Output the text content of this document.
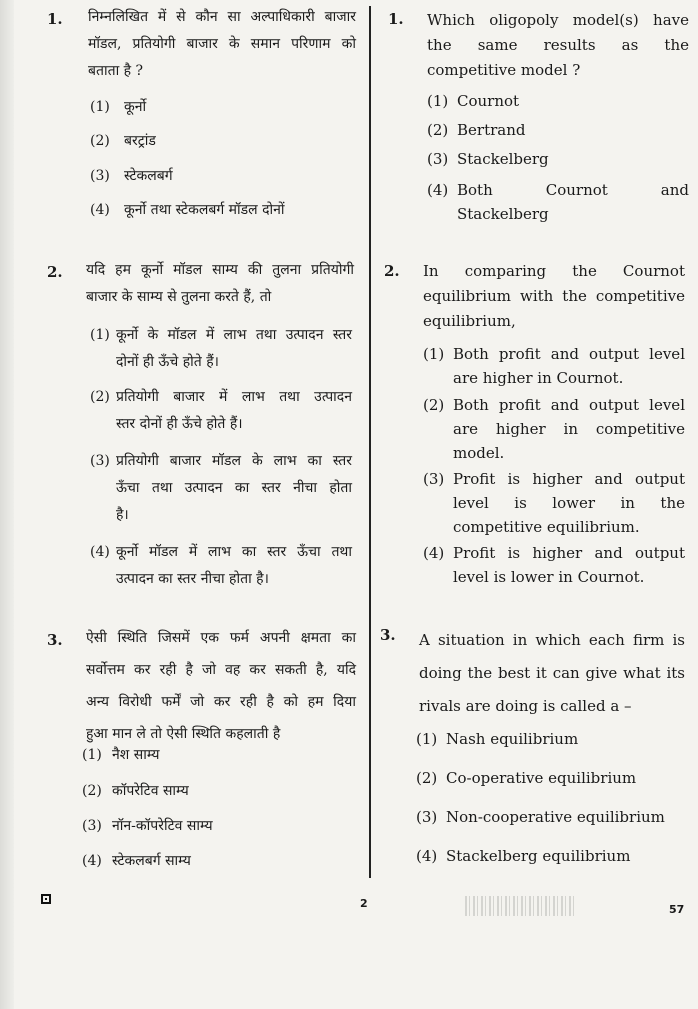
1. निम्नलिखित में से कौन सा अल्पाधिकारी बाजार
मॉडल, प्रतियोगी बाजार के समान परिणाम को
बताता है ?
(1)	कूर्नो
(2)	बरट्रांड
(3)	स्टेकलबर्ग
(4)	कूर्नो तथा स्टेकलबर्ग मॉडल दोनों
2. यदि हम कूर्नो मॉडल साम्य की तुलना प्रतियोगी
बाजार के साम्य से तुलना करते हैं, तो
(1) कूर्नो के मॉडल में लाभ तथा उत्पादन स्तर
दोनों ही ऊँचे होते हैं।
(2) प्रतियोगी बाजार में लाभ तथा उत्पादन
स्तर दोनों ही ऊँचे होते हैं।
(3) प्रतियोगी बाजार मॉडल के लाभ का स्तर
ऊँचा तथा उत्पादन का स्तर नीचा होता
है।
(4) कूर्नो मॉडल में लाभ का स्तर ऊँचा तथा
उत्पादन का स्तर नीचा होता है।
3. ऐसी स्थिति जिसमें एक फर्म अपनी क्षमता का
सर्वोत्तम कर रही है जो वह कर सकती है, यदि
अन्य विरोधी फर्में जो कर रही है को हम दिया
हुआ मान ले तो ऐसी स्थिति कहलाती है
(1) नैश साम्य
(2) कॉपरेटिव साम्य
(3) नॉन-कॉपरेटिव साम्य
(4) स्टेकलबर्ग साम्य
1. Which oligopoly model(s) have
the same results as the
competitive model ?
(1) Cournot
(2) Bertrand
(3) Stackelberg
(4) Both Cournot and
Stackelberg
2. In comparing the Cournot
equilibrium with the competitive
equilibrium,
(1) Both profit and output level
are higher in Cournot.
(2) Both profit and output level
are higher in competitive
model.
(3) Profit is higher and output
level is lower in the
competitive equilibrium.
(4) Profit is higher and output
level is lower in Cournot.
3. A situation in which each firm is
doing the best it can give what its
rivals are doing is called a –
(1) Nash equilibrium
(2) Co-operative equilibrium
(3) Non-cooperative equilibrium
(4) Stackelberg equilibrium
2	57
